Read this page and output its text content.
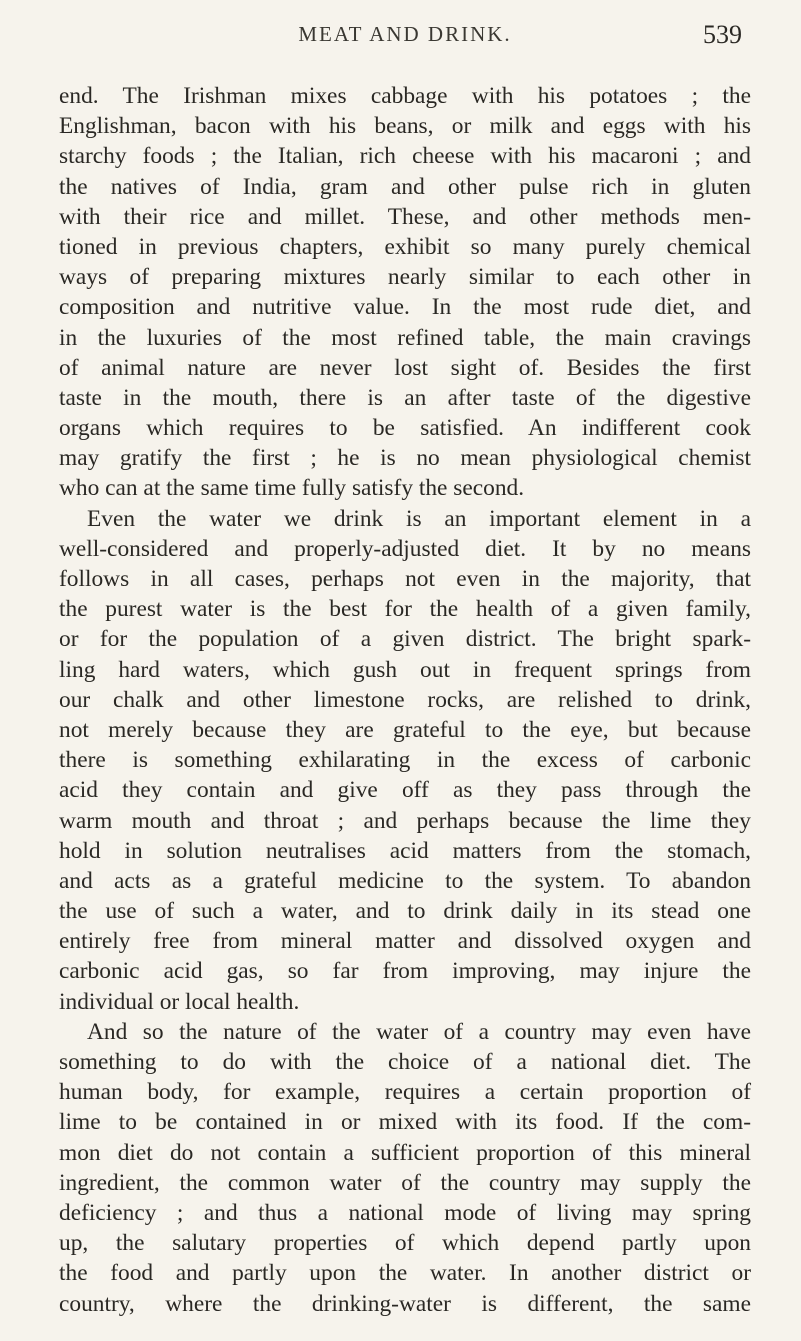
MEAT AND DRINK.	539
end. The Irishman mixes cabbage with his potatoes ; the
Englishman, bacon with his beans, or milk and eggs with his
starchy foods ; the Italian, rich cheese with his macaroni ; and
the natives of India, gram and other pulse rich in gluten
with their rice and millet. These, and other methods men-
tioned in previous chapters, exhibit so many purely chemical
ways of preparing mixtures nearly similar to each other in
composition and nutritive value. In the most rude diet, and
in the luxuries of the most refined table, the main cravings
of animal nature are never lost sight of. Besides the first
taste in the mouth, there is an after taste of the digestive
organs which requires to be satisfied. An indifferent cook
may gratify the first ; he is no mean physiological chemist
who can at the same time fully satisfy the second.
Even the water we drink is an important element in a
well-considered and properly-adjusted diet. It by no means
follows in all cases, perhaps not even in the majority, that
the purest water is the best for the health of a given family,
or for the population of a given district. The bright spark-
ling hard waters, which gush out in frequent springs from
our chalk and other limestone rocks, are relished to drink,
not merely because they are grateful to the eye, but because
there is something exhilarating in the excess of carbonic
acid they contain and give off as they pass through the
warm mouth and throat ; and perhaps because the lime they
hold in solution neutralises acid matters from the stomach,
and acts as a grateful medicine to the system. To abandon
the use of such a water, and to drink daily in its stead one
entirely free from mineral matter and dissolved oxygen and
carbonic acid gas, so far from improving, may injure the
individual or local health.
And so the nature of the water of a country may even have
something to do with the choice of a national diet. The
human body, for example, requires a certain proportion of
lime to be contained in or mixed with its food. If the com-
mon diet do not contain a sufficient proportion of this mineral
ingredient, the common water of the country may supply the
deficiency ; and thus a national mode of living may spring
up, the salutary properties of which depend partly upon
the food and partly upon the water. In another district or
country, where the drinking-water is different, the same
